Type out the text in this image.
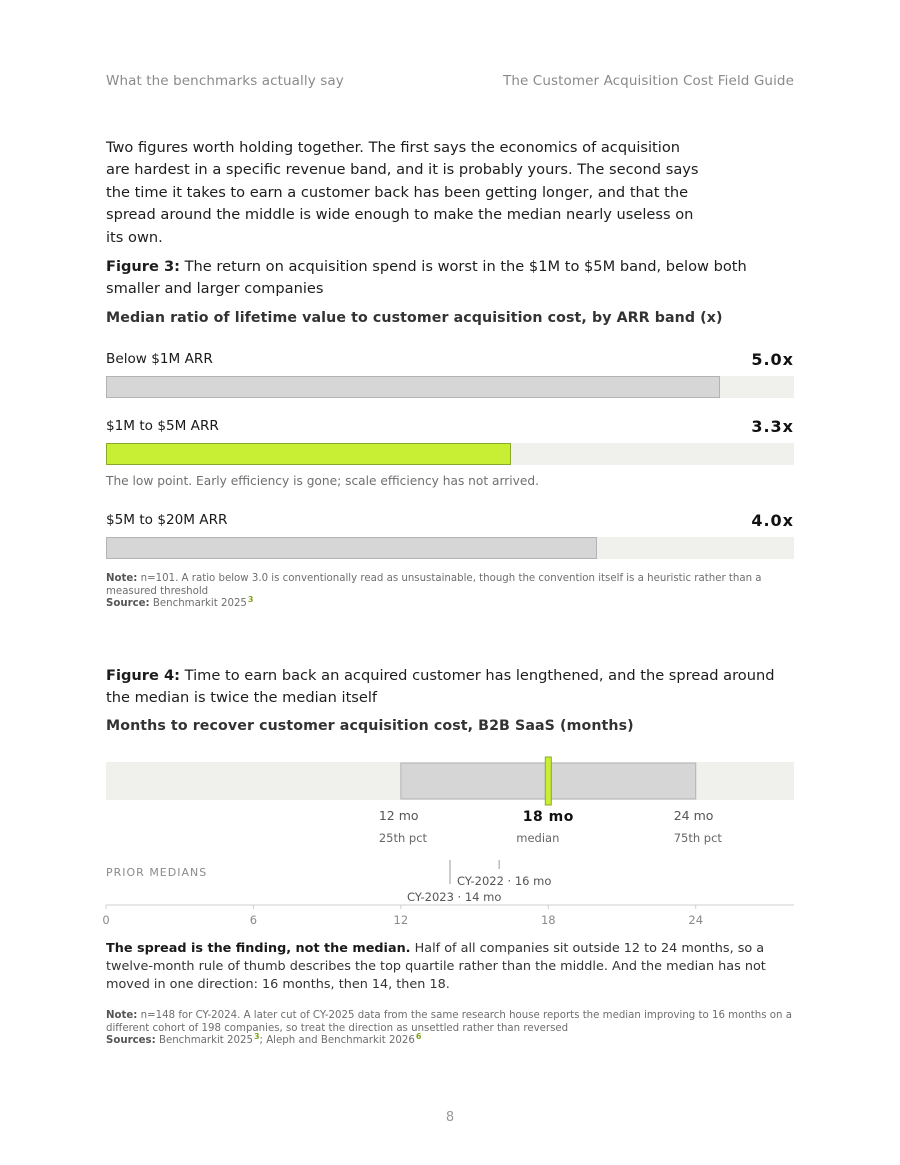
What the benchmarks actually say	The Customer Acquisition Cost Field Guide

Two figures worth holding together. The first says the economics of acquisition are hardest in a specific revenue band, and it is probably yours. The second says the time it takes to earn a customer back has been getting longer, and that the spread around the middle is wide enough to make the median nearly useless on its own.

Figure 3: The return on acquisition spend is worst in the $1M to $5M band, below both smaller and larger companies
Median ratio of lifetime value to customer acquisition cost, by ARR band (x)
Below $1M ARR	5.0x
$1M to $5M ARR	3.3x
The low point. Early efficiency is gone; scale efficiency has not arrived.
$5M to $20M ARR	4.0x
Note: n=101. A ratio below 3.0 is conventionally read as unsustainable, though the convention itself is a heuristic rather than a measured threshold
Source: Benchmarkit 2025$^3$
Figure 4: Time to earn back an acquired customer has lengthened, and the spread around the median is twice the median itself
Months to recover customer acquisition cost, B2B SaaS (months)
12 mo	18 mo	24 mo
25th pct	median	75th pct
PRIOR MEDIANS
CY-2022 · 16 mo
CY-2023 · 14 mo
0	6	12	18	24

The spread is the finding, not the median. Half of all companies sit outside 12 to 24 months, so a twelve-month rule of thumb describes the top quartile rather than the middle. And the median has not moved in one direction: 16 months, then 14, then 18.

Note: n=148 for CY-2024. A later cut of CY-2025 data from the same research house reports the median improving to 16 months on a different cohort of 198 companies, so treat the direction as unsettled rather than reversed
Sources: Benchmarkit 2025$^3$; Aleph and Benchmarkit 2026$^6$
8
